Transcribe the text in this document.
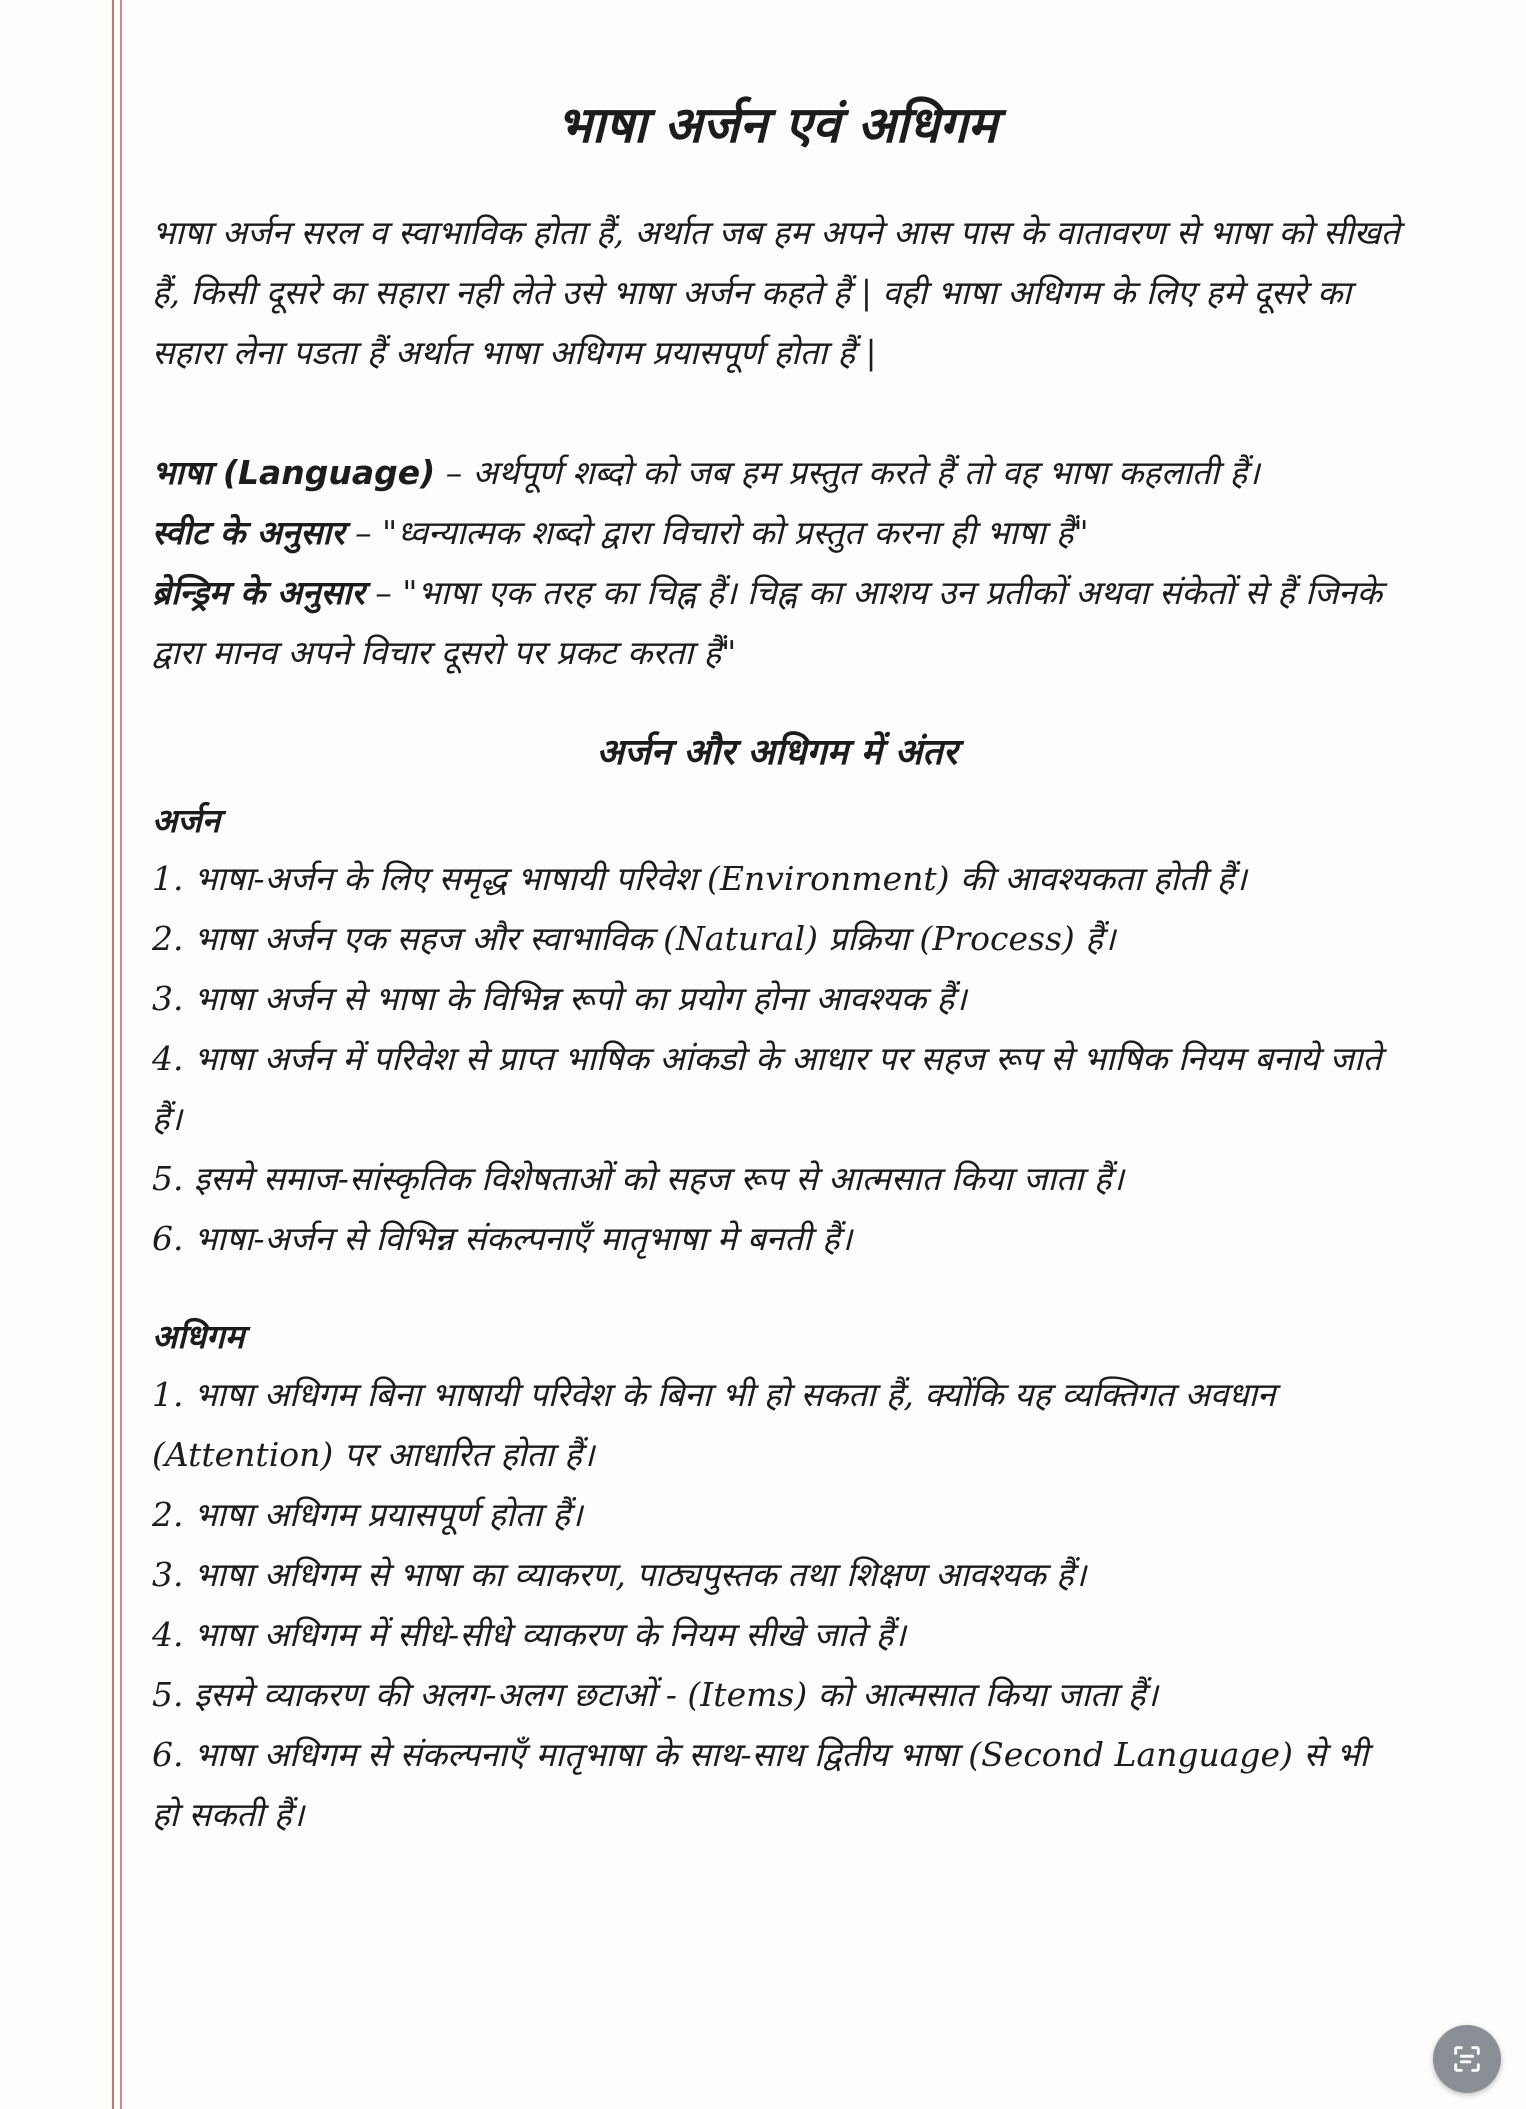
भाषा अर्जन एवं अधिगम

भाषा अर्जन सरल व स्वाभाविक होता हैं, अर्थात जब हम अपने आस पास के वातावरण से भाषा को सीखते हैं, किसी दूसरे का सहारा नही लेते उसे भाषा अर्जन कहते हैं | वही भाषा अधिगम के लिए हमे दूसरे का सहारा लेना पडता हैं अर्थात भाषा अधिगम प्रयासपूर्ण होता हैं |

भाषा (Language) – अर्थपूर्ण शब्दो को जब हम प्रस्तुत करते हैं तो वह भाषा कहलाती हैं।

स्वीट के अनुसार – "ध्वन्यात्मक शब्दो द्वारा विचारो को प्रस्तुत करना ही भाषा हैं"

ब्रेन्ड्रिम के अनुसार – "भाषा एक तरह का चिह्न हैं। चिह्न का आशय उन प्रतीकों अथवा संकेतों से हैं जिनके द्वारा मानव अपने विचार दूसरो पर प्रकट करता हैं"

अर्जन और अधिगम में अंतर
अर्जन
1. भाषा-अर्जन के लिए समृद्ध भाषायी परिवेश (Environment) की आवश्यकता होती हैं।
2. भाषा अर्जन एक सहज और स्वाभाविक (Natural) प्रक्रिया (Process) हैं।
3. भाषा अर्जन से भाषा के विभिन्न रूपो का प्रयोग होना आवश्यक हैं।
4. भाषा अर्जन में परिवेश से प्राप्त भाषिक आंकडो के आधार पर सहज रूप से भाषिक नियम बनाये जाते हैं।
5. इसमे समाज-सांस्कृतिक विशेषताओं को सहज रूप से आत्मसात किया जाता हैं।
6. भाषा-अर्जन से विभिन्न संकल्पनाएँ मातृभाषा मे बनती हैं।
अधिगम
1. भाषा अधिगम बिना भाषायी परिवेश के बिना भी हो सकता हैं, क्योंकि यह व्यक्तिगत अवधान (Attention) पर आधारित होता हैं।
2. भाषा अधिगम प्रयासपूर्ण होता हैं।
3. भाषा अधिगम से भाषा का व्याकरण, पाठ्यपुस्तक तथा शिक्षण आवश्यक हैं।
4. भाषा अधिगम में सीधे-सीधे व्याकरण के नियम सीखे जाते हैं।
5. इसमे व्याकरण की अलग-अलग छटाओं - (Items) को आत्मसात किया जाता हैं।
6. भाषा अधिगम से संकल्पनाएँ मातृभाषा के साथ-साथ द्वितीय भाषा (Second Language) से भी हो सकती हैं।
